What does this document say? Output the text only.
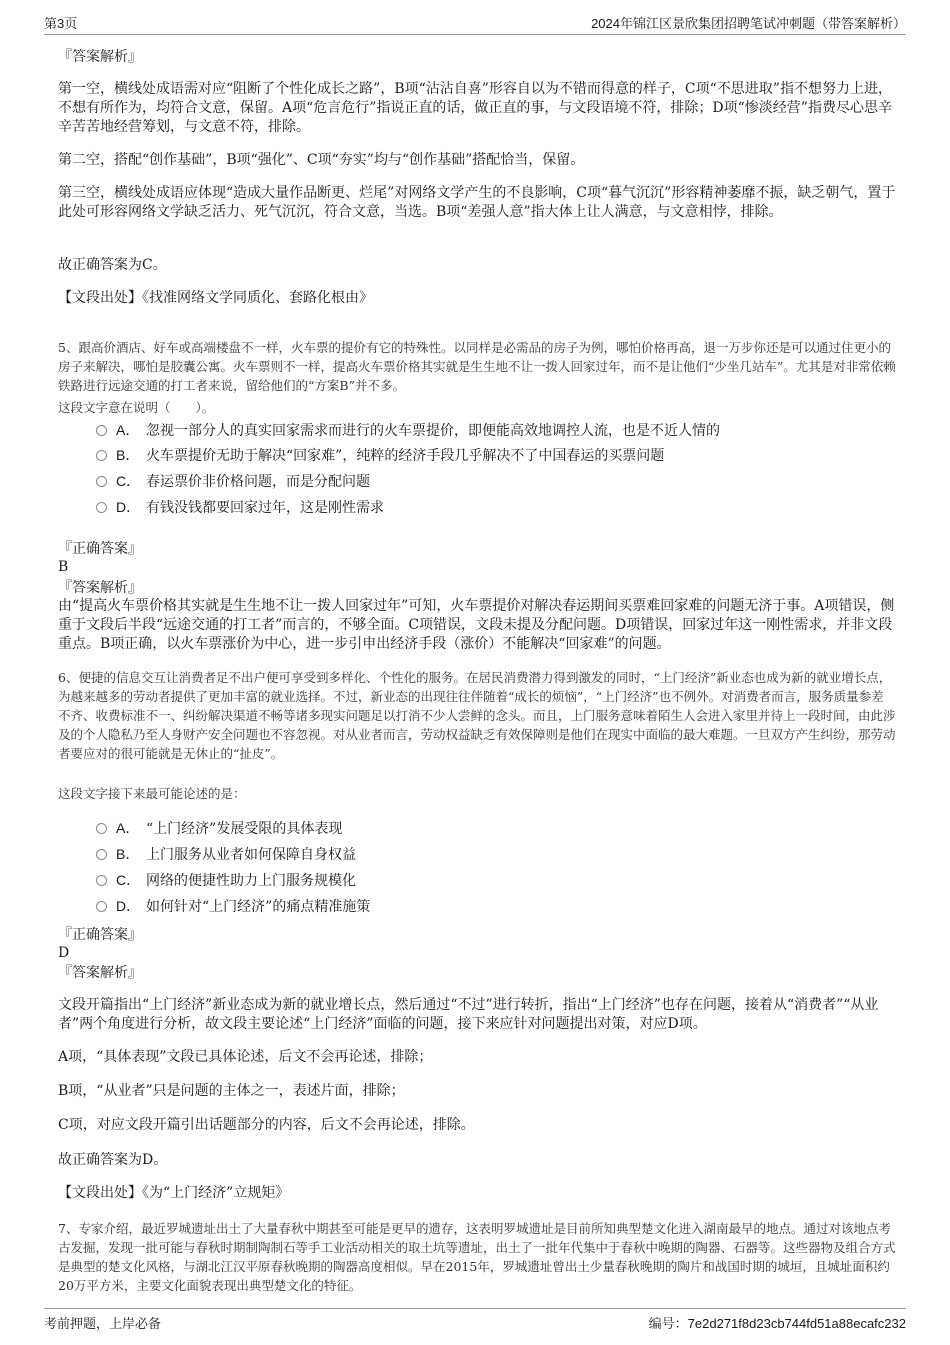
第3页	2024年锦江区景欣集团招聘笔试冲刺题（带答案解析）
『答案解析』
第一空，横线处成语需对应“阻断了个性化成长之路”，B项“沾沾自喜”形容自以为不错而得意的样子，C项“不思进取”指不想努力上进，不想有所作为，均符合文意，保留。A项“危言危行”指说正直的话，做正直的事，与文段语境不符，排除；D项“惨淡经营”指费尽心思辛辛苦苦地经营筹划，与文意不符，排除。
第二空，搭配“创作基础”，B项“强化”、C项“夯实”均与“创作基础”搭配恰当，保留。
第三空，横线处成语应体现“造成大量作品断更、烂尾”对网络文学产生的不良影响，C项“暮气沉沉”形容精神萎靡不振，缺乏朝气，置于此处可形容网络文学缺乏活力、死气沉沉，符合文意，当选。B项“差强人意”指大体上让人满意，与文意相悖，排除。
故正确答案为C。
【文段出处】《找准网络文学同质化、套路化根由》
5、跟高价酒店、好车或高端楼盘不一样，火车票的提价有它的特殊性。以同样是必需品的房子为例，哪怕价格再高，退一万步你还是可以通过住更小的房子来解决，哪怕是胶囊公寓。火车票则不一样，提高火车票价格其实就是生生地不让一拨人回家过年，而不是让他们“少坐几站车”。尤其是对非常依赖铁路进行远途交通的打工者来说，留给他们的“方案B”并不多。
这段文字意在说明（　　）。
A． 忽视一部分人的真实回家需求而进行的火车票提价，即便能高效地调控人流，也是不近人情的
B． 火车票提价无助于解决“回家难”，纯粹的经济手段几乎解决不了中国春运的买票问题
C． 春运票价非价格问题，而是分配问题
D． 有钱没钱都要回家过年，这是刚性需求
『正确答案』
B
『答案解析』
由“提高火车票价格其实就是生生地不让一拨人回家过年”可知，火车票提价对解决春运期间买票难回家难的问题无济于事。A项错误，侧重于文段后半段“远途交通的打工者”而言的，不够全面。C项错误，文段未提及分配问题。D项错误，回家过年这一刚性需求，并非文段重点。B项正确，以火车票涨价为中心，进一步引申出经济手段（涨价）不能解决“回家难”的问题。
6、便捷的信息交互让消费者足不出户便可享受到多样化、个性化的服务。在居民消费潜力得到激发的同时，“上门经济”新业态也成为新的就业增长点，为越来越多的劳动者提供了更加丰富的就业选择。不过，新业态的出现往往伴随着“成长的烦恼”，“上门经济”也不例外。对消费者而言，服务质量参差不齐、收费标准不一、纠纷解决渠道不畅等诸多现实问题足以打消不少人尝鲜的念头。而且，上门服务意味着陌生人会进入家里并待上一段时间，由此涉及的个人隐私乃至人身财产安全问题也不容忽视。对从业者而言，劳动权益缺乏有效保障则是他们在现实中面临的最大难题。一旦双方产生纠纷，那劳动者要应对的很可能就是无休止的“扯皮”。
这段文字接下来最可能论述的是：
A． “上门经济”发展受限的具体表现
B． 上门服务从业者如何保障自身权益
C． 网络的便捷性助力上门服务规模化
D． 如何针对“上门经济”的痛点精准施策
『正确答案』
D
『答案解析』
文段开篇指出“上门经济”新业态成为新的就业增长点，然后通过“不过”进行转折，指出“上门经济”也存在问题，接着从“消费者”“从业者”两个角度进行分析，故文段主要论述“上门经济”面临的问题，接下来应针对问题提出对策，对应D项。
A项，“具体表现”文段已具体论述，后文不会再论述，排除；
B项，“从业者”只是问题的主体之一，表述片面，排除；
C项，对应文段开篇引出话题部分的内容，后文不会再论述，排除。
故正确答案为D。
【文段出处】《为“上门经济”立规矩》
7、专家介绍，最近罗城遗址出土了大量春秋中期甚至可能是更早的遗存，这表明罗城遗址是目前所知典型楚文化进入湖南最早的地点。通过对该地点考古发掘，发现一批可能与春秋时期制陶制石等手工业活动相关的取土坑等遗址，出土了一批年代集中于春秋中晚期的陶器、石器等。这些器物及组合方式是典型的楚文化风格，与湖北江汉平原春秋晚期的陶器高度相似。早在2015年，罗城遗址曾出土少量春秋晚期的陶片和战国时期的城垣，且城址面积约20万平方米，主要文化面貌表现出典型楚文化的特征。
考前押题，上岸必备	编号：7e2d271f8d23cb744fd51a88ecafc232
